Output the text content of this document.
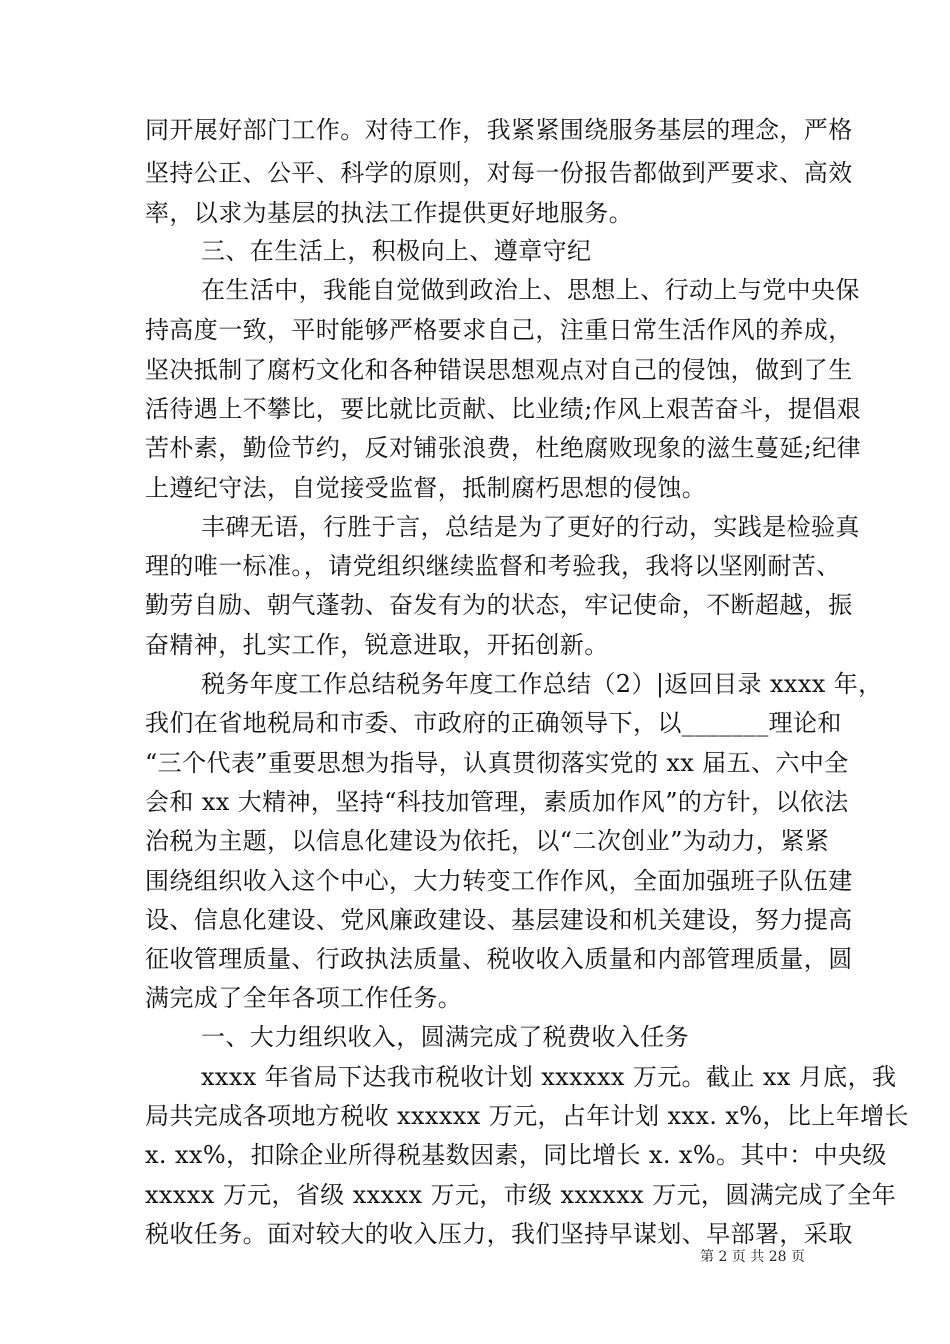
同开展好部门工作。对待工作，我紧紧围绕服务基层的理念，严格
坚持公正、公平、科学的原则，对每一份报告都做到严要求、高效
率，以求为基层的执法工作提供更好地服务。
三、在生活上，积极向上、遵章守纪
在生活中，我能自觉做到政治上、思想上、行动上与党中央保
持高度一致，平时能够严格要求自己，注重日常生活作风的养成，
坚决抵制了腐朽文化和各种错误思想观点对自己的侵蚀，做到了生
活待遇上不攀比，要比就比贡献、比业绩;作风上艰苦奋斗，提倡艰
苦朴素，勤俭节约，反对铺张浪费，杜绝腐败现象的滋生蔓延;纪律
上遵纪守法，自觉接受监督，抵制腐朽思想的侵蚀。
丰碑无语，行胜于言，总结是为了更好的行动，实践是检验真
理的唯一标准。，请党组织继续监督和考验我，我将以坚刚耐苦、
勤劳自励、朝气蓬勃、奋发有为的状态，牢记使命，不断超越，振
奋精神，扎实工作，锐意进取，开拓创新。
税务年度工作总结税务年度工作总结（2）|返回目录 xxxx 年，
我们在省地税局和市委、市政府的正确领导下，以_______理论和
“三个代表”重要思想为指导，认真贯彻落实党的 xx 届五、六中全
会和 xx 大精神，坚持“科技加管理，素质加作风”的方针，以依法
治税为主题，以信息化建设为依托，以“二次创业”为动力，紧紧
围绕组织收入这个中心，大力转变工作作风，全面加强班子队伍建
设、信息化建设、党风廉政建设、基层建设和机关建设，努力提高
征收管理质量、行政执法质量、税收收入质量和内部管理质量，圆
满完成了全年各项工作任务。
一、大力组织收入，圆满完成了税费收入任务
xxxx 年省局下达我市税收计划 xxxxxx 万元。截止 xx 月底，我
局共完成各项地方税收 xxxxxx 万元，占年计划 xxx. x%，比上年增长
x. xx%，扣除企业所得税基数因素，同比增长 x. x%。其中：中央级
xxxxx 万元，省级 xxxxx 万元，市级 xxxxxx 万元，圆满完成了全年
税收任务。面对较大的收入压力，我们坚持早谋划、早部署，采取
第 2 页 共 28 页
